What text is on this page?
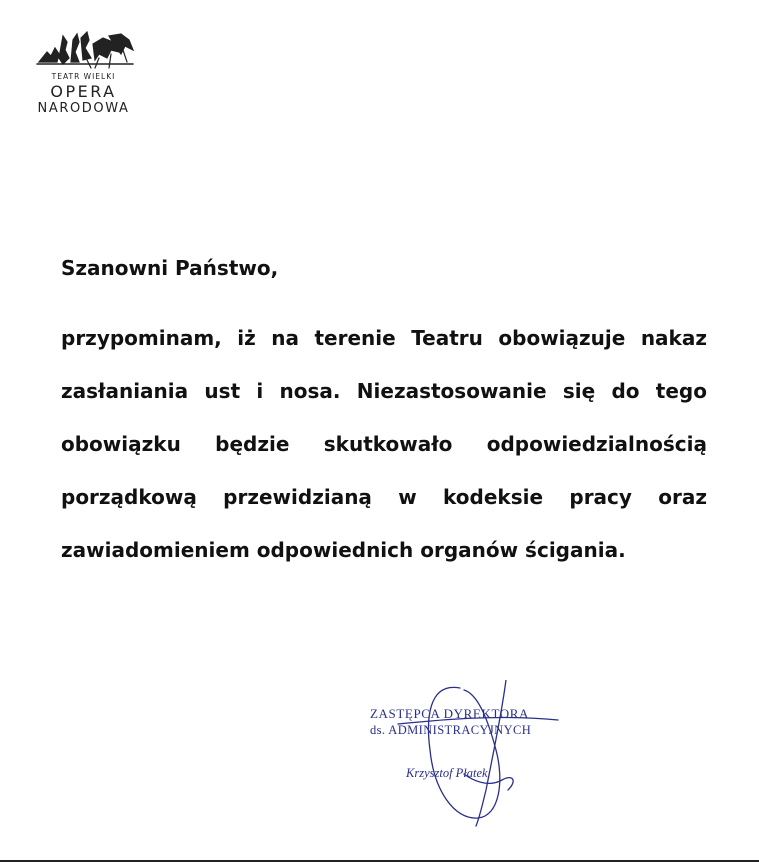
TEATR WIELKI
OPERA
NARODOWA
Szanowni Państwo,
przypominam, iż na terenie Teatru obowiązuje nakaz zasłaniania ust i nosa. Niezastosowanie się do tego obowiązku będzie skutkowało odpowiedzialnością porządkową przewidzianą w kodeksie pracy oraz zawiadomieniem odpowiednich organów ścigania.
ZASTĘPCA DYREKTORA
ds. ADMINISTRACYJNYCH
Krzysztof Płatek
